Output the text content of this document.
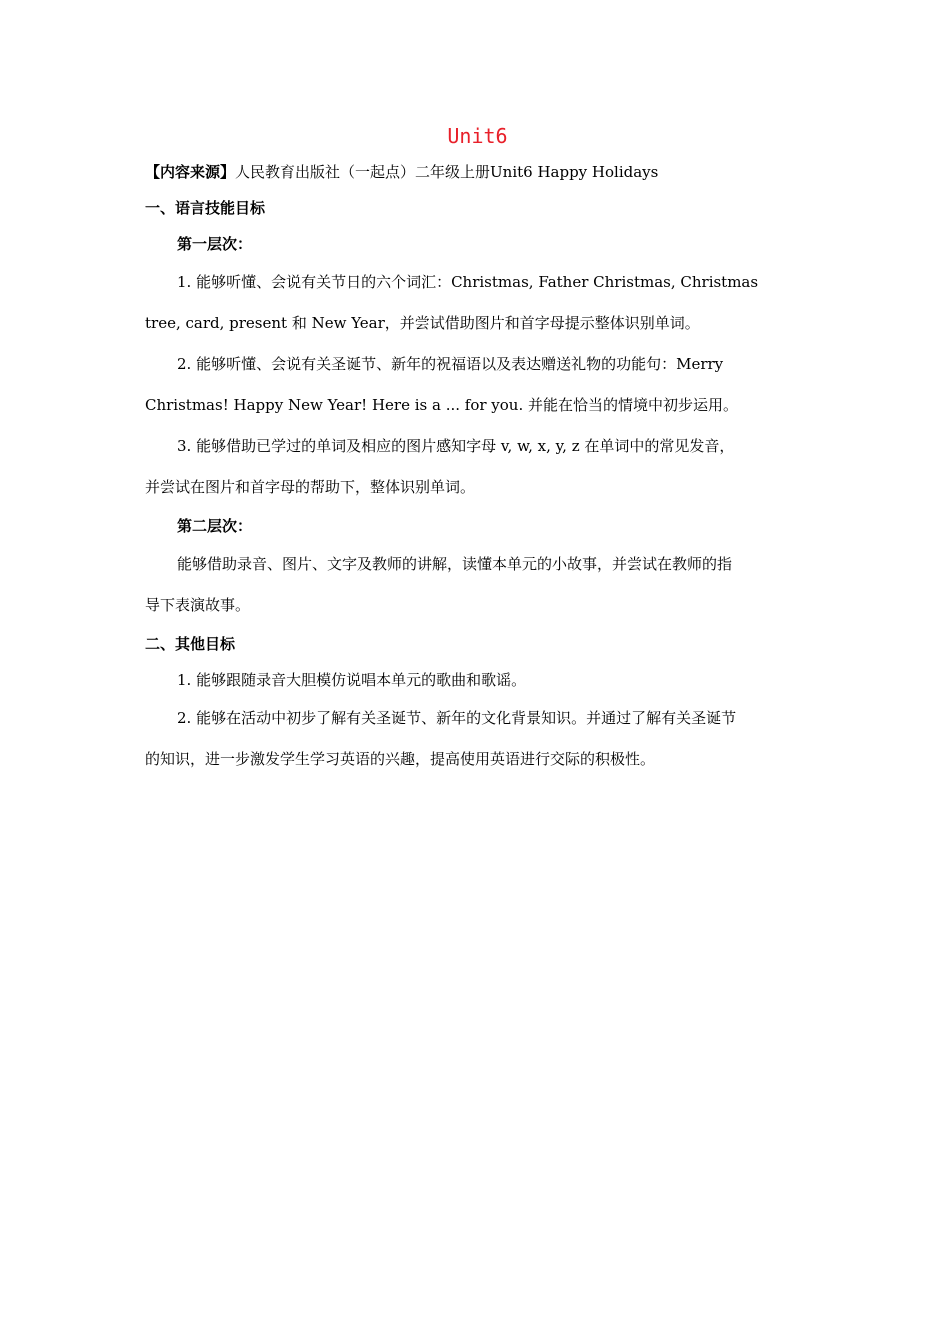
Unit6
【内容来源】人民教育出版社（一起点）二年级上册Unit6 Happy Holidays
一、语言技能目标
第一层次：
1. 能够听懂、会说有关节日的六个词汇：Christmas, Father Christmas, Christmas
tree, card, present 和 New Year，并尝试借助图片和首字母提示整体识别单词。
2. 能够听懂、会说有关圣诞节、新年的祝福语以及表达赠送礼物的功能句：Merry
Christmas! Happy New Year! Here is a ... for you. 并能在恰当的情境中初步运用。
3. 能够借助已学过的单词及相应的图片感知字母 v, w, x, y, z 在单词中的常见发音，
并尝试在图片和首字母的帮助下，整体识别单词。
第二层次：
能够借助录音、图片、文字及教师的讲解，读懂本单元的小故事，并尝试在教师的指
导下表演故事。
二、其他目标
1. 能够跟随录音大胆模仿说唱本单元的歌曲和歌谣。
2. 能够在活动中初步了解有关圣诞节、新年的文化背景知识。并通过了解有关圣诞节
的知识，进一步激发学生学习英语的兴趣，提高使用英语进行交际的积极性。
